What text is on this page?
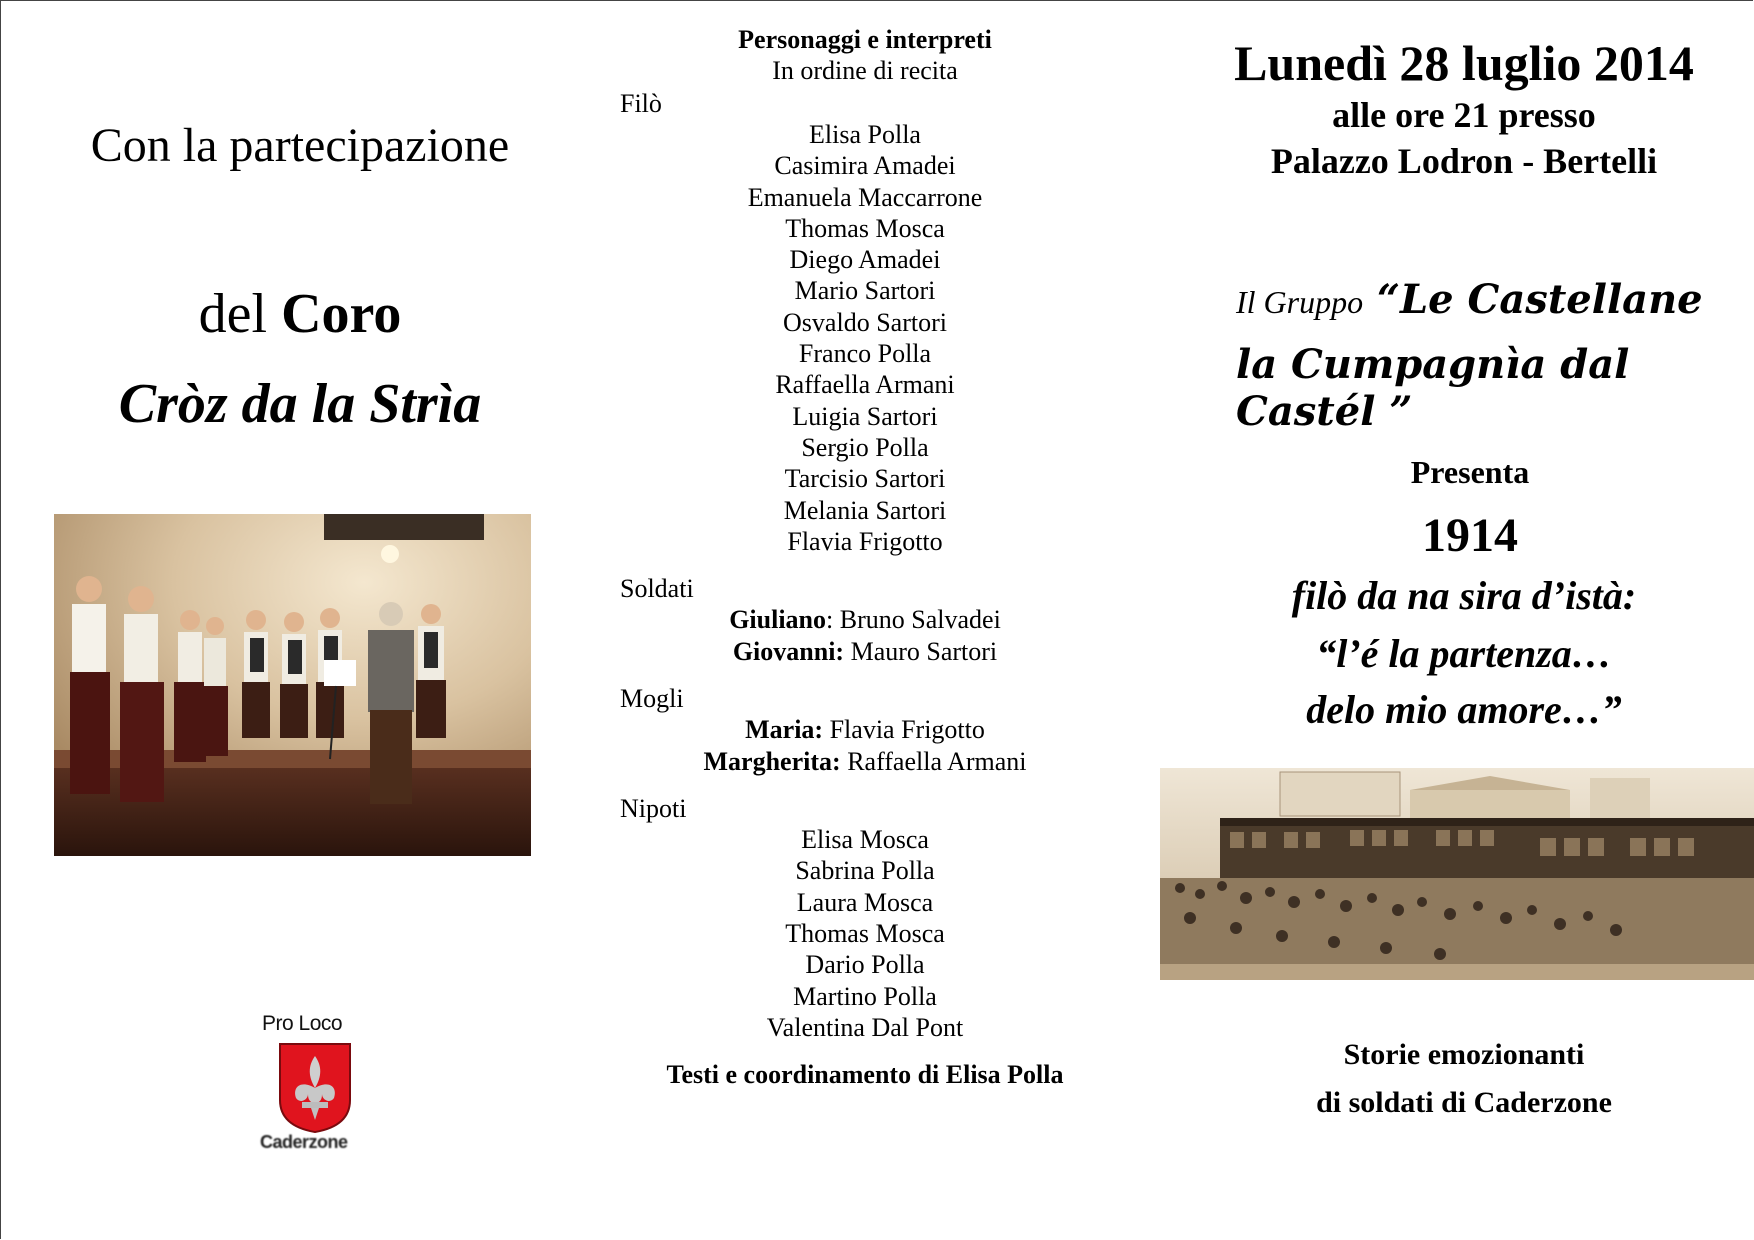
Con la partecipazione
del Coro
Cròz da la Strìa
Pro Loco
Caderzone
Personaggi e interpreti
In ordine di recita
Filò
Elisa Polla
Casimira Amadei
Emanuela Maccarrone
Thomas Mosca
Diego Amadei
Mario Sartori
Osvaldo Sartori
Franco Polla
Raffaella Armani
Luigia Sartori
Sergio Polla
Tarcisio Sartori
Melania Sartori
Flavia Frigotto
Soldati
Giuliano: Bruno Salvadei
Giovanni: Mauro Sartori
Mogli
Maria: Flavia Frigotto
Margherita: Raffaella Armani
Nipoti
Elisa Mosca
Sabrina Polla
Laura Mosca
Thomas Mosca
Dario Polla
Martino Polla
Valentina Dal Pont
Testi e coordinamento di Elisa Polla
Lunedì 28 luglio 2014
alle ore 21 presso
Palazzo Lodron - Bertelli
Il Gruppo “Le Castellane
la Cumpagnìa dal Castél ”
Presenta
1914
filò da na sira d’istà:
“l’é la partenza…
delo mio amore…”
Storie emozionanti
di soldati di Caderzone
